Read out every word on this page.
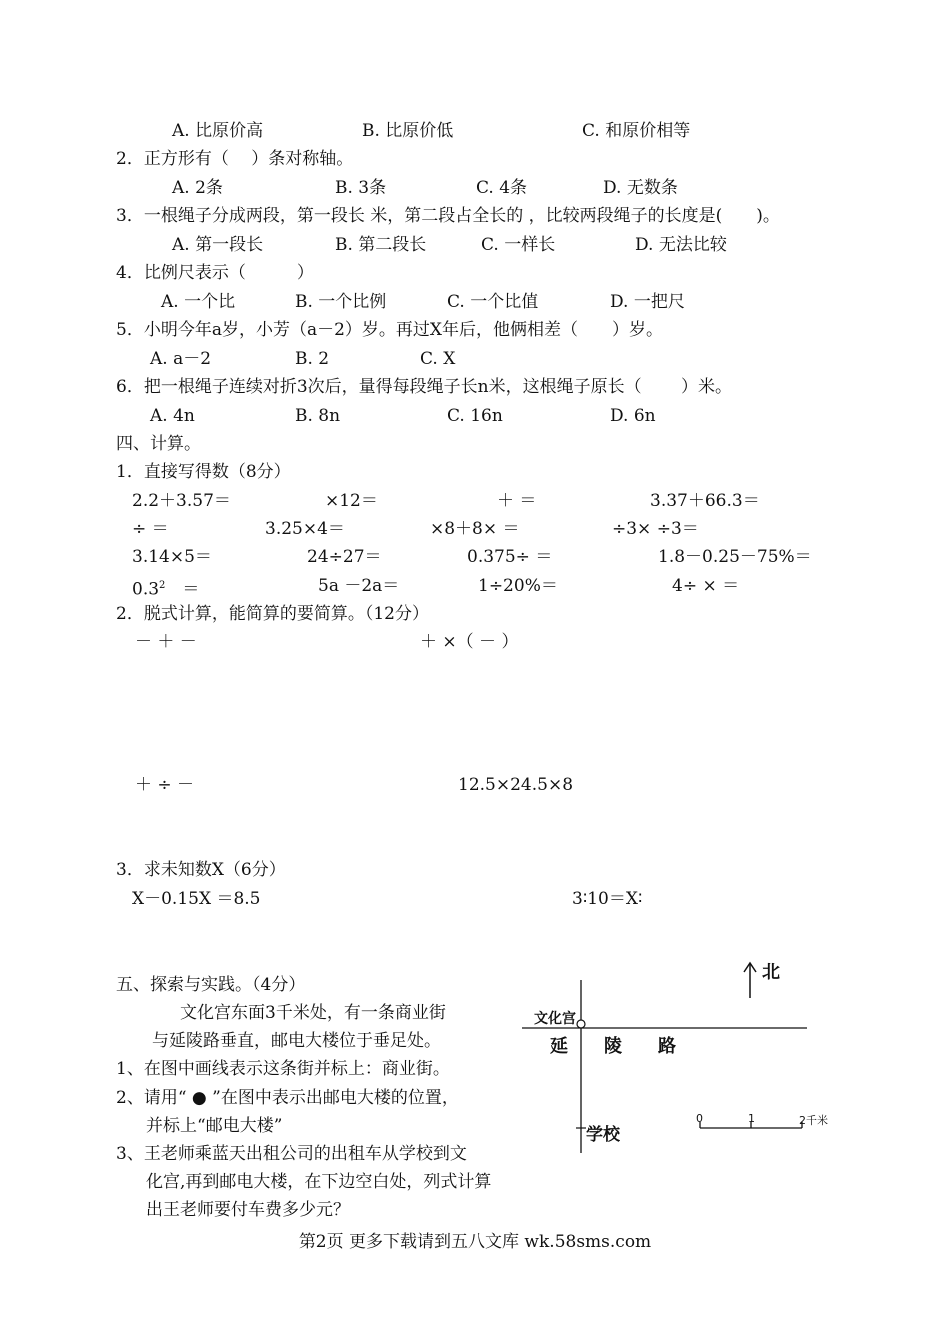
A. 比原价高	B. 比原价低	C. 和原价相等
2．正方形有（　 ）条对称轴。
A. 2条	B. 3条	C. 4条	D. 无数条
3．一根绳子分成两段，第一段长 米，第二段占全长的 ，比较两段绳子的长度是(　　)。
A. 第一段长	B. 第二段长	C. 一样长	D. 无法比较
4．比例尺表示（　　　）
A. 一个比	B. 一个比例	C. 一个比值	D. 一把尺
5．小明今年a岁，小芳（a－2）岁。再过X年后，他俩相差（　　）岁。
A. a－2	B. 2	C. X
6．把一根绳子连续对折3次后，量得每段绳子长n米，这根绳子原长（　　 ）米。
A. 4n	B. 8n	C. 16n	D. 6n
四、计算。
1．直接写得数（8分）
2.2＋3.57＝	×12＝	＋ ＝	3.37＋66.3＝
÷ ＝	3.25×4＝	×8＋8× ＝	÷3× ÷3＝
3.14×5＝	24÷27＝	0.375÷ ＝	1.8－0.25－75%＝
$0.3^2$　＝	5a －2a＝	1÷20%＝	4÷ × ＝
2．脱式计算，能简算的要简算。（12分）
－ ＋ －	＋ ×（ － ）
＋ ÷ －	12.5×24.5×8
3．求未知数X（6分）
X－0.15X ＝8.5	3∶10＝X∶
五、探索与实践。（4分）
文化宫东面3千米处，有一条商业街
与延陵路垂直，邮电大楼位于垂足处。
1、在图中画线表示这条街并标上：商业街。
2、请用“ ● ”在图中表示出邮电大楼的位置，
并标上“邮电大楼”
3、王老师乘蓝天出租公司的出租车从学校到文
化宫,再到邮电大楼，在下边空白处，列式计算
出王老师要付车费多少元？
北
文化宫
延　　陵　　路
学校
0	1	2千米
第2页 更多下载请到五八文库 wk.58sms.com
